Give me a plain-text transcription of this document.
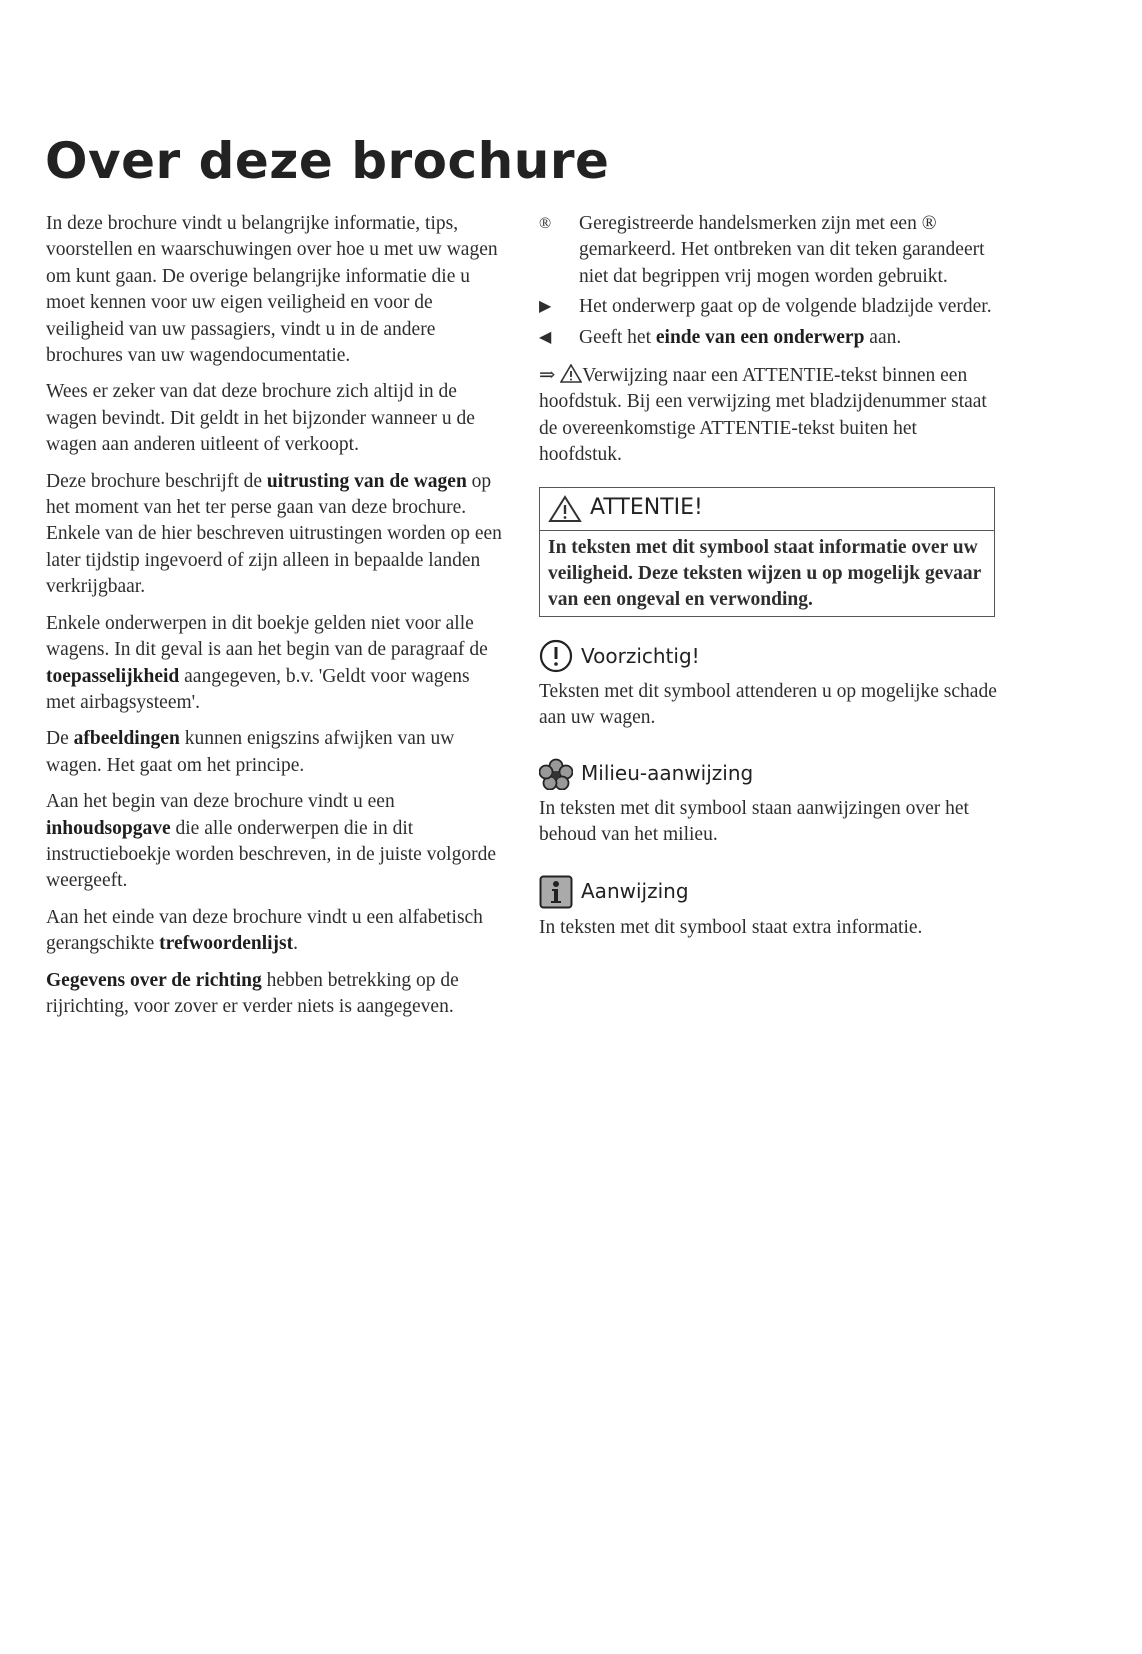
Over deze brochure

In deze brochure vindt u belangrijke informatie, tips, voorstellen en waarschuwingen over hoe u met uw wagen om kunt gaan. De overige belangrijke informatie die u moet kennen voor uw eigen veiligheid en voor de veiligheid van uw passagiers, vindt u in de andere brochures van uw wagendocumentatie.

Wees er zeker van dat deze brochure zich altijd in de wagen bevindt. Dit geldt in het bijzonder wanneer u de wagen aan anderen uitleent of verkoopt.

Deze brochure beschrijft de uitrusting van de wagen op het moment van het ter perse gaan van deze brochure. Enkele van de hier beschreven uitrustingen worden op een later tijdstip ingevoerd of zijn alleen in bepaalde landen verkrijgbaar.

Enkele onderwerpen in dit boekje gelden niet voor alle wagens. In dit geval is aan het begin van de paragraaf de toepasselijkheid aangegeven, b.v. 'Geldt voor wagens met airbagsysteem'.

De afbeeldingen kunnen enigszins afwijken van uw wagen. Het gaat om het principe.

Aan het begin van deze brochure vindt u een inhoudsopgave die alle onderwerpen die in dit instructieboekje worden beschreven, in de juiste volgorde weergeeft.

Aan het einde van deze brochure vindt u een alfabetisch gerangschikte trefwoordenlijst.

Gegevens over de richting hebben betrekking op de rijrichting, voor zover er verder niets is aangegeven.

®	Geregistreerde handelsmerken zijn met een ® gemarkeerd. Het ontbreken van dit teken garandeert niet dat begrippen vrij mogen worden gebruikt.
▶	Het onderwerp gaat op de volgende bladzijde verder.
◀	Geeft het einde van een onderwerp aan.

⇒ Verwijzing naar een ATTENTIE-tekst binnen een hoofdstuk. Bij een verwijzing met bladzijdenummer staat de overeenkomstige ATTENTIE-tekst buiten het hoofdstuk.

ATTENTIE!
In teksten met dit symbool staat informatie over uw veiligheid. Deze teksten wijzen u op mogelijk gevaar van een ongeval en verwonding.
Voorzichtig!
Teksten met dit symbool attenderen u op mogelijke schade aan uw wagen.
Milieu-aanwijzing
In teksten met dit symbool staan aanwijzingen over het behoud van het milieu.
Aanwijzing
In teksten met dit symbool staat extra informatie.
